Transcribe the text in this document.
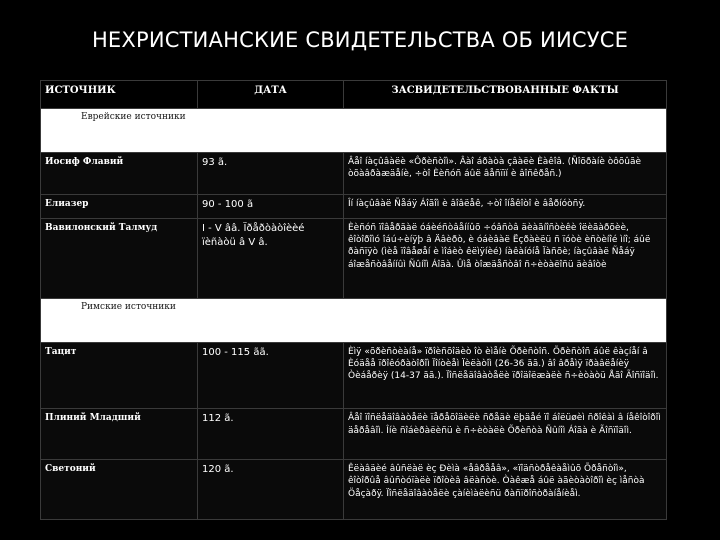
НЕХРИСТИАНСКИЕ СВИДЕТЕЛЬСТВА ОБ ИИСУСЕ
ИСТОЧНИК	ДАТА	ЗАСВИДЕТЕЛЬСТВОВАННЫЕ ФАКТЫ

Еврейские источники		

Иосиф Флавий	93 ã.	Âåî íàçûâàëè «Ôðèñòîì». Âàî áðàòà çâàëè Èàêîâ. (Ñîõðàíè òôõûãè òõàâðàæäåíè, ÷òî Èèñóñ áûë âåñïïí è âîñêðåñ.)
Елиазер	90 - 100 ã	Îí íàçûâàë Ñåáÿ Áîãîì è âîâëåê, ÷òî îíåêîòî è âåðíóòñÿ.
Вавилонский Талмуд	I - V ââ. Ïðåðòàòîèèé ïèñàòü â V â.	Èèñóñ ïîâåðãàë óáèéñòâåííûõ ÷óâñòâ äèàãíîñòèêè îëèãàðõèè, êîòîðîìó îáú÷èíÿþ â Äâèðò, è óáèâàë Ëçðàèëü ñ ïóòè èñòèíîé ìíî; áûë ðàñïÿò (ìèå ïîâåøåí è ìîáèò êëìÿíèé) íàêàíóíå Ïàñõè; íàçûâàë Ñåáÿ áîæåñòâåííûì Ñûíîì Áîãà. Ûìå òîæäåñòâî ñ÷èòàëîñü äèâîòè

Римские источники		

Тацит	100 - 115 ãã.	Èìÿ «õðèñòèàíå» ïðîèñõîäèò îò èìåíè Õðèñòîñ. Õðèñòîñ áûë êàçíåí â Èóäåå ïðîêóðàòîðîì Ïîíòèåì Ïèëàòîì (26-36 ãã.) âî âðåìÿ ïðàâëåíèÿ Òèáåðèÿ (14-37 ãã.). Ïîñëåäîâàòåëè ïðîäîëæàëè ñ÷èòàòü Åãî Ãîñïîäîì.
Плиний Младший	112 ã.	Âåî ïîñëåäîâàòåëè ïåðåõîäèëè ñðåäè ëþäåé ïî áîëüøèì ñðîêàì â íåêîòîðîì äåðåâîì. Îíè ñîáèðàëèñü è ñ÷èòàëè Õðèñòà Ñûíîì Áîãà è Ãîñïîäîì.
Светоний	120 ã.	Êëàâäèé âûñëàë èç Ðèìà «åâðååâ», «ïîäñòðåêàåìûõ Õðåñòîì», êîòîðûå âûñòóïàëè ïðîòèâ âëàñòè. Òàêæå áûë àãèòàòîðîì èç ìåñòà Öåçàðÿ. Ïîñëåäîâàòåëè çàíèìàëèñü ðàñïðîñòðàíåíèåì.
